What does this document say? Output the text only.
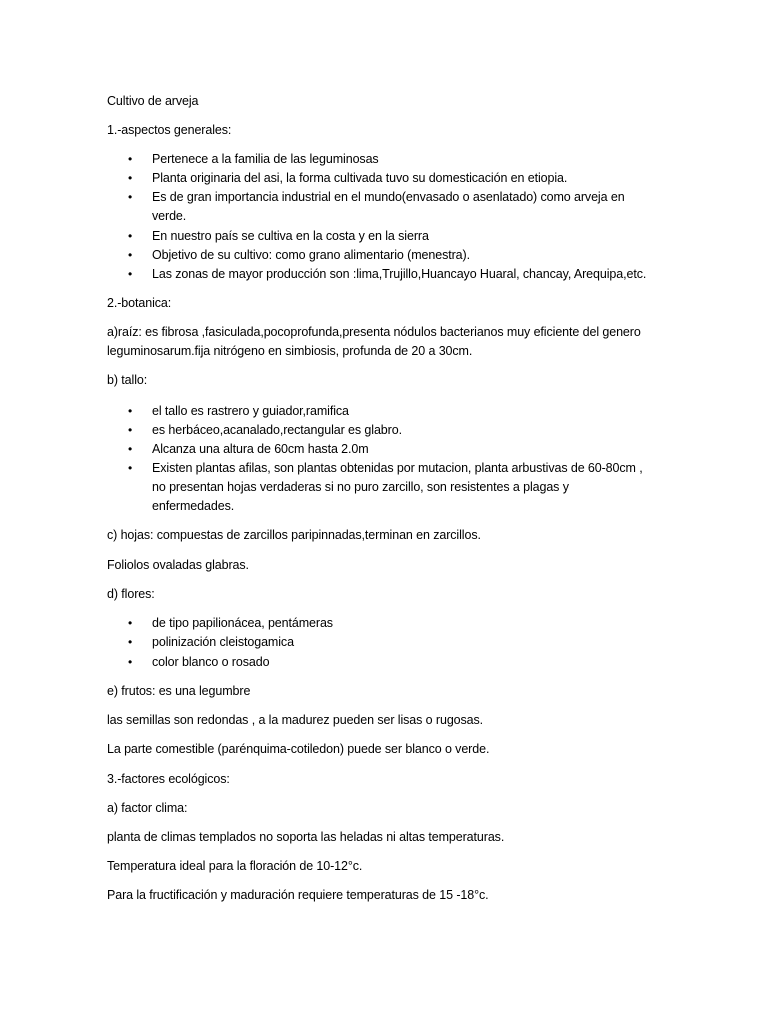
Cultivo de arveja
1.-aspectos generales:
• Pertenece a la familia de las leguminosas
• Planta originaria del asi, la forma cultivada tuvo su domesticación en etiopia.
• Es de gran importancia industrial en el mundo(envasado o asenlatado) como arveja en
verde.
• En nuestro país se cultiva en la costa y en la sierra
• Objetivo de su cultivo: como grano alimentario (menestra).
• Las zonas de mayor producción son :lima,Trujillo,Huancayo Huaral, chancay, Arequipa,etc.
2.-botanica:
a)raíz: es fibrosa ,fasiculada,pocoprofunda,presenta nódulos bacterianos muy eficiente del genero
leguminosarum.fija nitrógeno en simbiosis, profunda de 20 a 30cm.
b) tallo:
• el tallo es rastrero y guiador,ramifica
• es herbáceo,acanalado,rectangular es glabro.
• Alcanza una altura de 60cm hasta 2.0m
• Existen plantas afilas, son plantas obtenidas por mutacion, planta arbustivas de 60-80cm ,
no presentan hojas verdaderas si no puro zarcillo, son resistentes a plagas y
enfermedades.
c) hojas: compuestas de zarcillos paripinnadas,terminan en zarcillos.
Foliolos ovaladas glabras.
d) flores:
• de tipo papilionácea, pentámeras
• polinización cleistogamica
• color blanco o rosado
e) frutos: es una legumbre
las semillas son redondas , a la madurez pueden ser lisas o rugosas.
La parte comestible (parénquima-cotiledon) puede ser blanco o verde.
3.-factores ecológicos:
a) factor clima:
planta de climas templados no soporta las heladas ni altas temperaturas.
Temperatura ideal para la floración de 10-12°c.
Para la fructificación y maduración requiere temperaturas de 15 -18°c.
